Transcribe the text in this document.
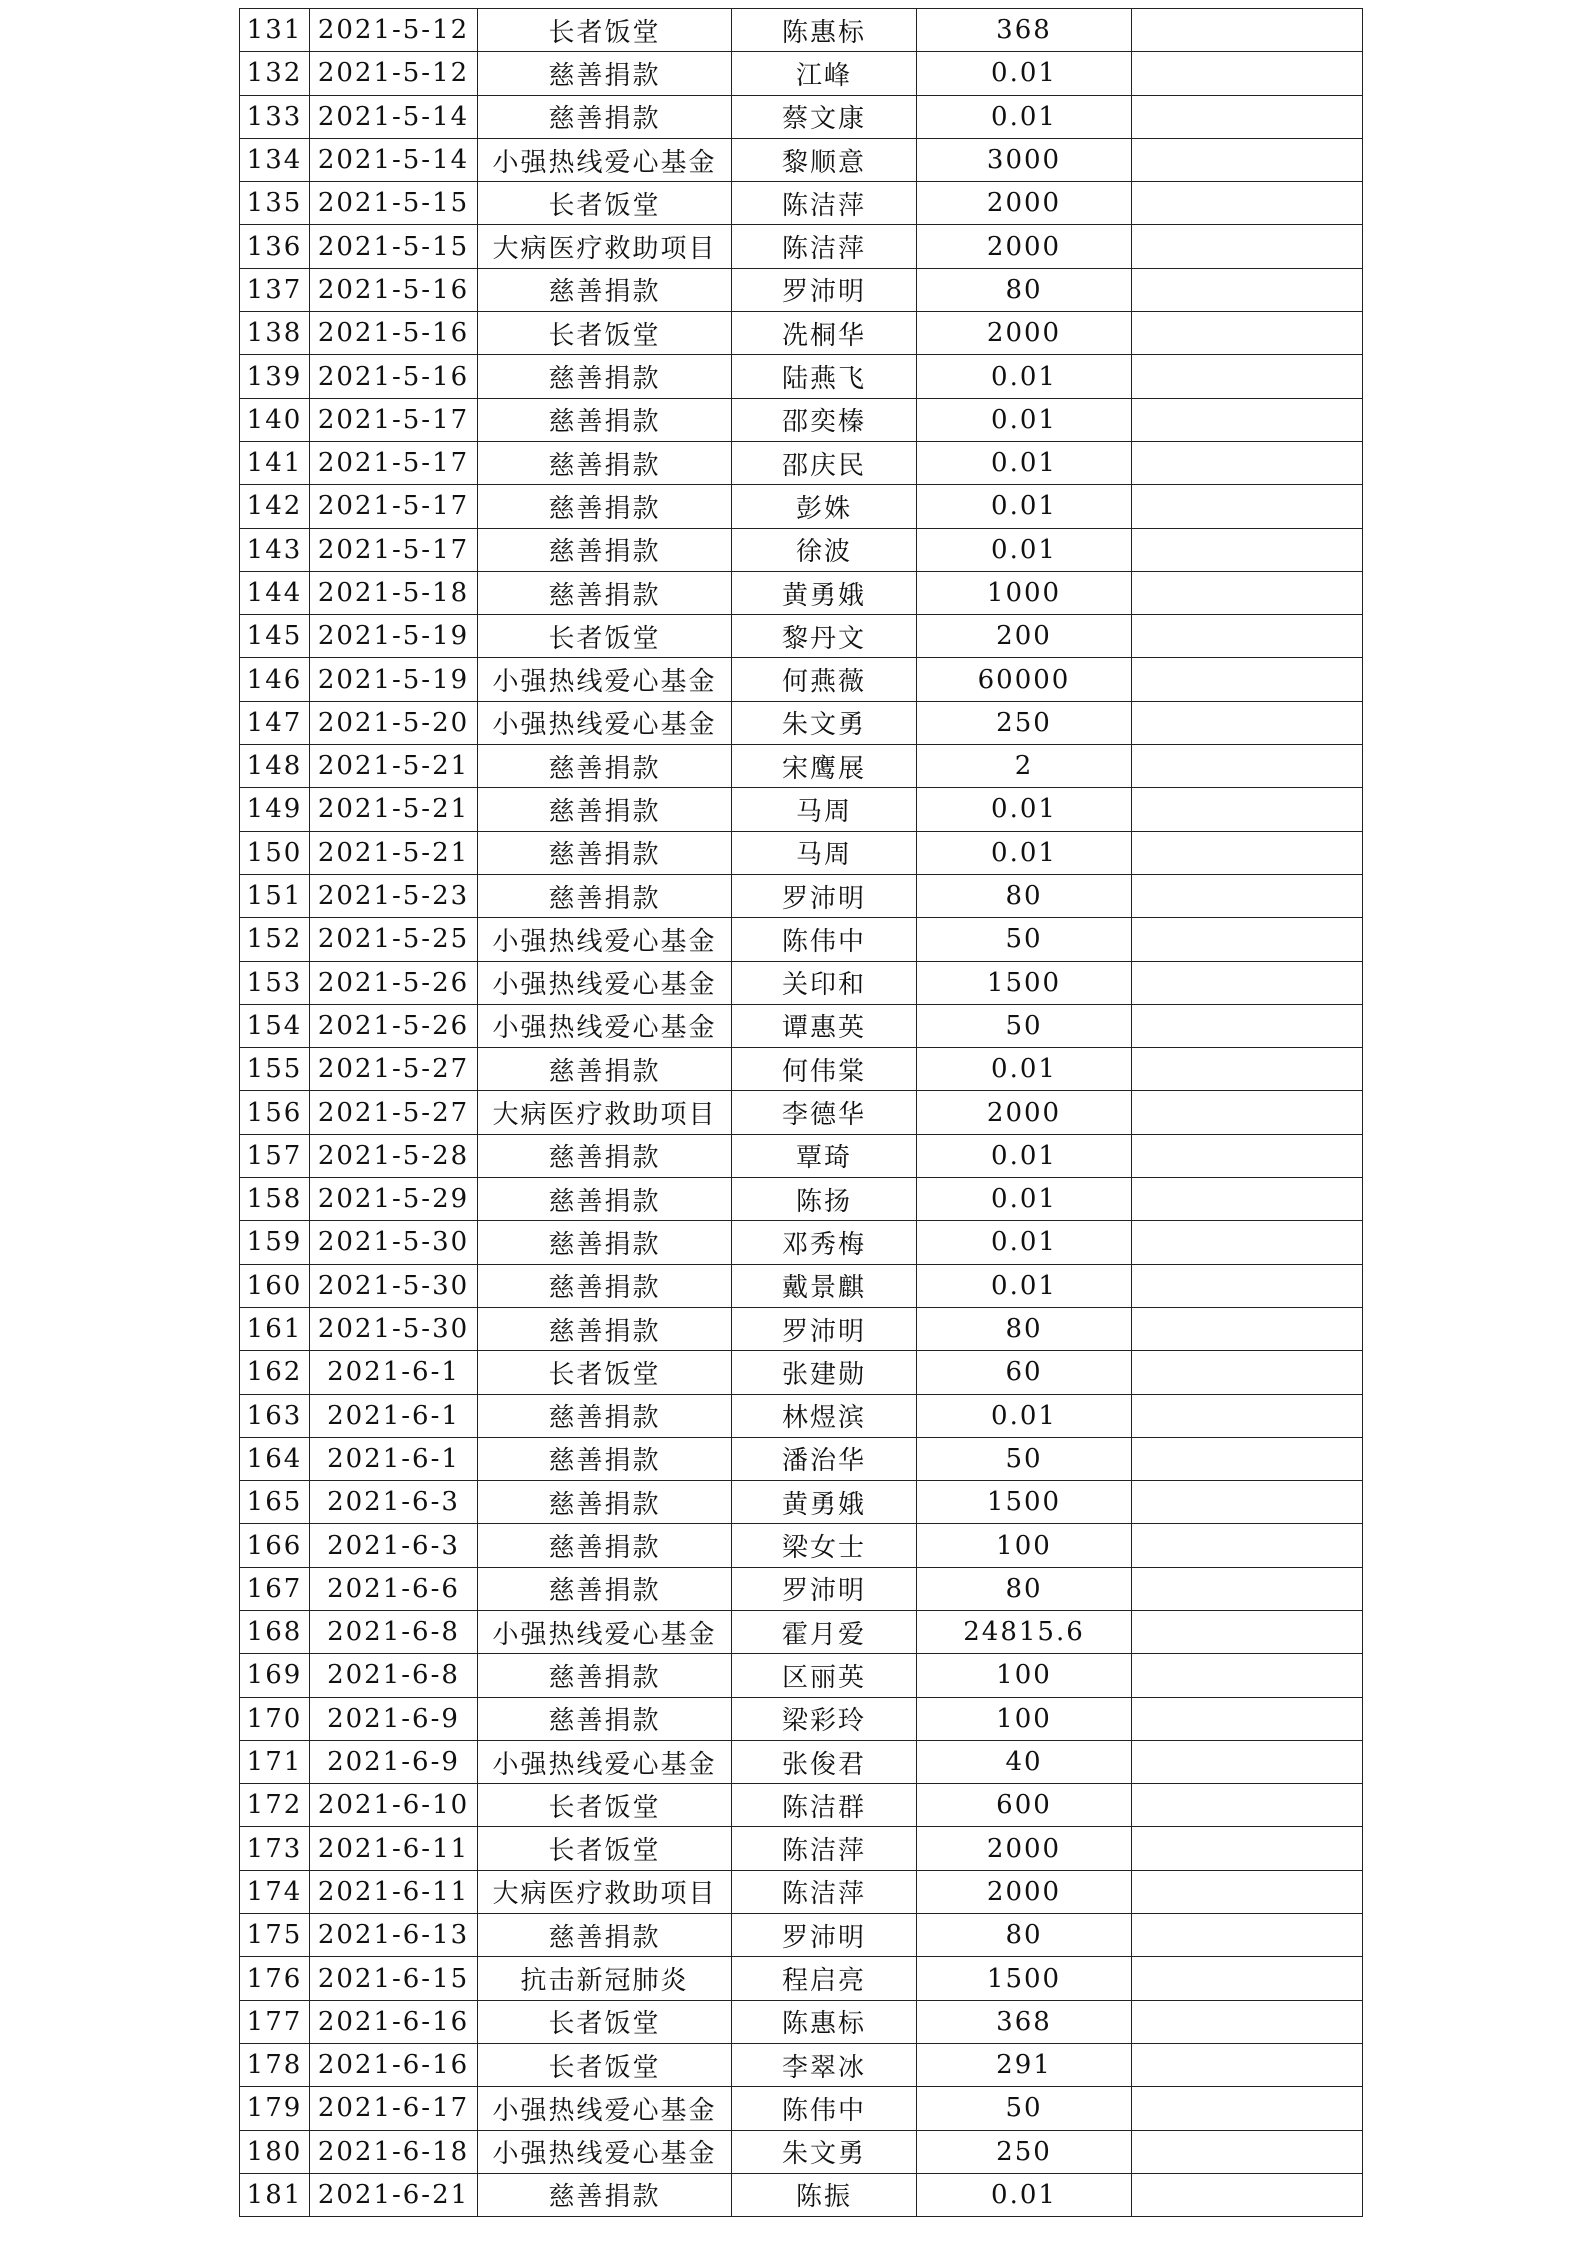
131	2021-5-12	长者饭堂	陈惠标	368	
132	2021-5-12	慈善捐款	江峰	0.01	
133	2021-5-14	慈善捐款	蔡文康	0.01	
134	2021-5-14	小强热线爱心基金	黎顺意	3000	
135	2021-5-15	长者饭堂	陈洁萍	2000	
136	2021-5-15	大病医疗救助项目	陈洁萍	2000	
137	2021-5-16	慈善捐款	罗沛明	80	
138	2021-5-16	长者饭堂	冼桐华	2000	
139	2021-5-16	慈善捐款	陆燕飞	0.01	
140	2021-5-17	慈善捐款	邵奕榛	0.01	
141	2021-5-17	慈善捐款	邵庆民	0.01	
142	2021-5-17	慈善捐款	彭姝	0.01	
143	2021-5-17	慈善捐款	徐波	0.01	
144	2021-5-18	慈善捐款	黄勇娥	1000	
145	2021-5-19	长者饭堂	黎丹文	200	
146	2021-5-19	小强热线爱心基金	何燕薇	60000	
147	2021-5-20	小强热线爱心基金	朱文勇	250	
148	2021-5-21	慈善捐款	宋鹰展	2	
149	2021-5-21	慈善捐款	马周	0.01	
150	2021-5-21	慈善捐款	马周	0.01	
151	2021-5-23	慈善捐款	罗沛明	80	
152	2021-5-25	小强热线爱心基金	陈伟中	50	
153	2021-5-26	小强热线爱心基金	关印和	1500	
154	2021-5-26	小强热线爱心基金	谭惠英	50	
155	2021-5-27	慈善捐款	何伟棠	0.01	
156	2021-5-27	大病医疗救助项目	李德华	2000	
157	2021-5-28	慈善捐款	覃琦	0.01	
158	2021-5-29	慈善捐款	陈扬	0.01	
159	2021-5-30	慈善捐款	邓秀梅	0.01	
160	2021-5-30	慈善捐款	戴景麒	0.01	
161	2021-5-30	慈善捐款	罗沛明	80	
162	2021-6-1	长者饭堂	张建勋	60	
163	2021-6-1	慈善捐款	林煜滨	0.01	
164	2021-6-1	慈善捐款	潘治华	50	
165	2021-6-3	慈善捐款	黄勇娥	1500	
166	2021-6-3	慈善捐款	梁女士	100	
167	2021-6-6	慈善捐款	罗沛明	80	
168	2021-6-8	小强热线爱心基金	霍月爱	24815.6	
169	2021-6-8	慈善捐款	区丽英	100	
170	2021-6-9	慈善捐款	梁彩玲	100	
171	2021-6-9	小强热线爱心基金	张俊君	40	
172	2021-6-10	长者饭堂	陈洁群	600	
173	2021-6-11	长者饭堂	陈洁萍	2000	
174	2021-6-11	大病医疗救助项目	陈洁萍	2000	
175	2021-6-13	慈善捐款	罗沛明	80	
176	2021-6-15	抗击新冠肺炎	程启亮	1500	
177	2021-6-16	长者饭堂	陈惠标	368	
178	2021-6-16	长者饭堂	李翠冰	291	
179	2021-6-17	小强热线爱心基金	陈伟中	50	
180	2021-6-18	小强热线爱心基金	朱文勇	250	
181	2021-6-21	慈善捐款	陈振	0.01	
